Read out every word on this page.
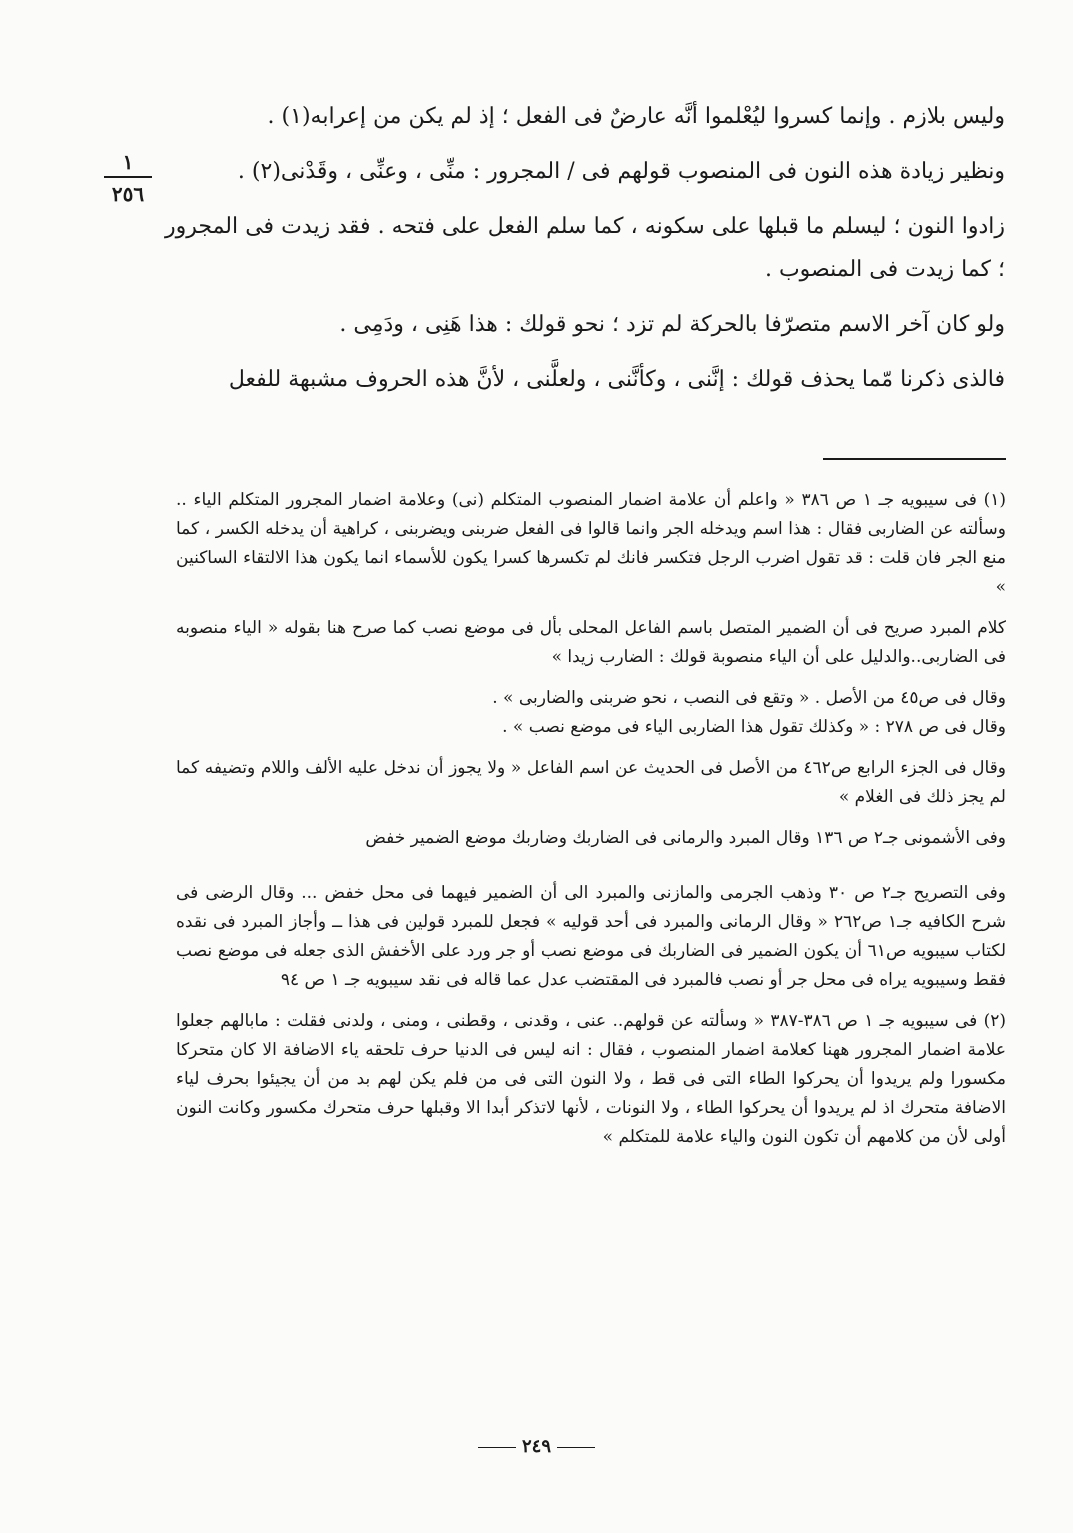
وليس بلازم . وإنما كسروا ليُعْلموا أنَّه عارضٌ فى الفعل ؛ إذ لم يكن من إعرابه(١) .

ونظير زيادة هذه النون فى المنصوب قولهم فى / المجرور : منِّى ، وعنِّى ، وقَدْنى(٢) .

زادوا النون ؛ ليسلم ما قبلها على سكونه ، كما سلم الفعل على فتحه . فقد زيدت فى المجرور ؛ كما زيدت فى المنصوب .

ولو كان آخر الاسم متصرّفا بالحركة لم تزد ؛ نحو قولك : هذا هَنِى ، ودَمِى .

فالذى ذكرنا مّما يحذف قولك : إنَّنى ، وكأنَّنى ، ولعلَّنى ، لأنَّ هذه الحروف مشبهة للفعل

١
٢٥٦

(١) فى سيبويه جـ ١ ص ٣٨٦ « واعلم أن علامة اضمار المنصوب المتكلم (نى) وعلامة اضمار المجرور المتكلم الياء .. وسألته عن الضاربى فقال : هذا اسم ويدخله الجر وانما قالوا فى الفعل ضربنى ويضربنى ، كراهية أن يدخله الكسر ، كما منع الجر فان قلت : قد تقول اضرب الرجل فتكسر فانك لم تكسرها كسرا يكون للأسماء انما يكون هذا الالتقاء الساكنين »

كلام المبرد صريح فى أن الضمير المتصل باسم الفاعل المحلى بأل فى موضع نصب كما صرح هنا بقوله « الياء منصوبه فى الضاربى..والدليل على أن الياء منصوبة قولك : الضارب زيدا »

وقال فى ص٤٥ من الأصل . « وتقع فى النصب ، نحو ضربنى والضاربى » .
وقال فى ص ٢٧٨ : « وكذلك تقول هذا الضاربى الياء فى موضع نصب » .

وقال فى الجزء الرابع ص٤٦٢ من الأصل فى الحديث عن اسم الفاعل « ولا يجوز أن ندخل عليه الألف واللام وتضيفه كما لم يجز ذلك فى الغلام »

وفى الأشمونى جـ٢ ص ١٣٦ وقال المبرد والرمانى فى الضاربك وضاربك موضع الضمير خفض

وفى التصريح جـ٢ ص ٣٠ وذهب الجرمى والمازنى والمبرد الى أن الضمير فيهما فى محل خفض ... وقال الرضى فى شرح الكافيه جـ١ ص٢٦٢ « وقال الرمانى والمبرد فى أحد قوليه » فجعل للمبرد قولين فى هذا ــ وأجاز المبرد فى نقده لكتاب سيبويه ص٦١ أن يكون الضمير فى الضاربك فى موضع نصب أو جر ورد على الأخفش الذى جعله فى موضع نصب فقط وسيبويه يراه فى محل جر أو نصب فالمبرد فى المقتضب عدل عما قاله فى نقد سيبويه جـ ١ ص ٩٤

(٢) فى سيبويه جـ ١ ص ٣٨٦-٣٨٧ « وسألته عن قولهم.. عنى ، وقدنى ، وقطنى ، ومنى ، ولدنى فقلت : مابالهم جعلوا علامة اضمار المجرور ههنا كعلامة اضمار المنصوب ، فقال : انه ليس فى الدنيا حرف تلحقه ياء الاضافة الا كان متحركا مكسورا ولم يريدوا أن يحركوا الطاء التى فى قط ، ولا النون التى فى من فلم يكن لهم بد من أن يجيئوا بحرف لياء الاضافة متحرك اذ لم يريدوا أن يحركوا الطاء ، ولا النونات ، لأنها لاتذكر أبدا الا وقبلها حرف متحرك مكسور وكانت النون أولى لأن من كلامهم أن تكون النون والياء علامة للمتكلم »

٢٤٩
